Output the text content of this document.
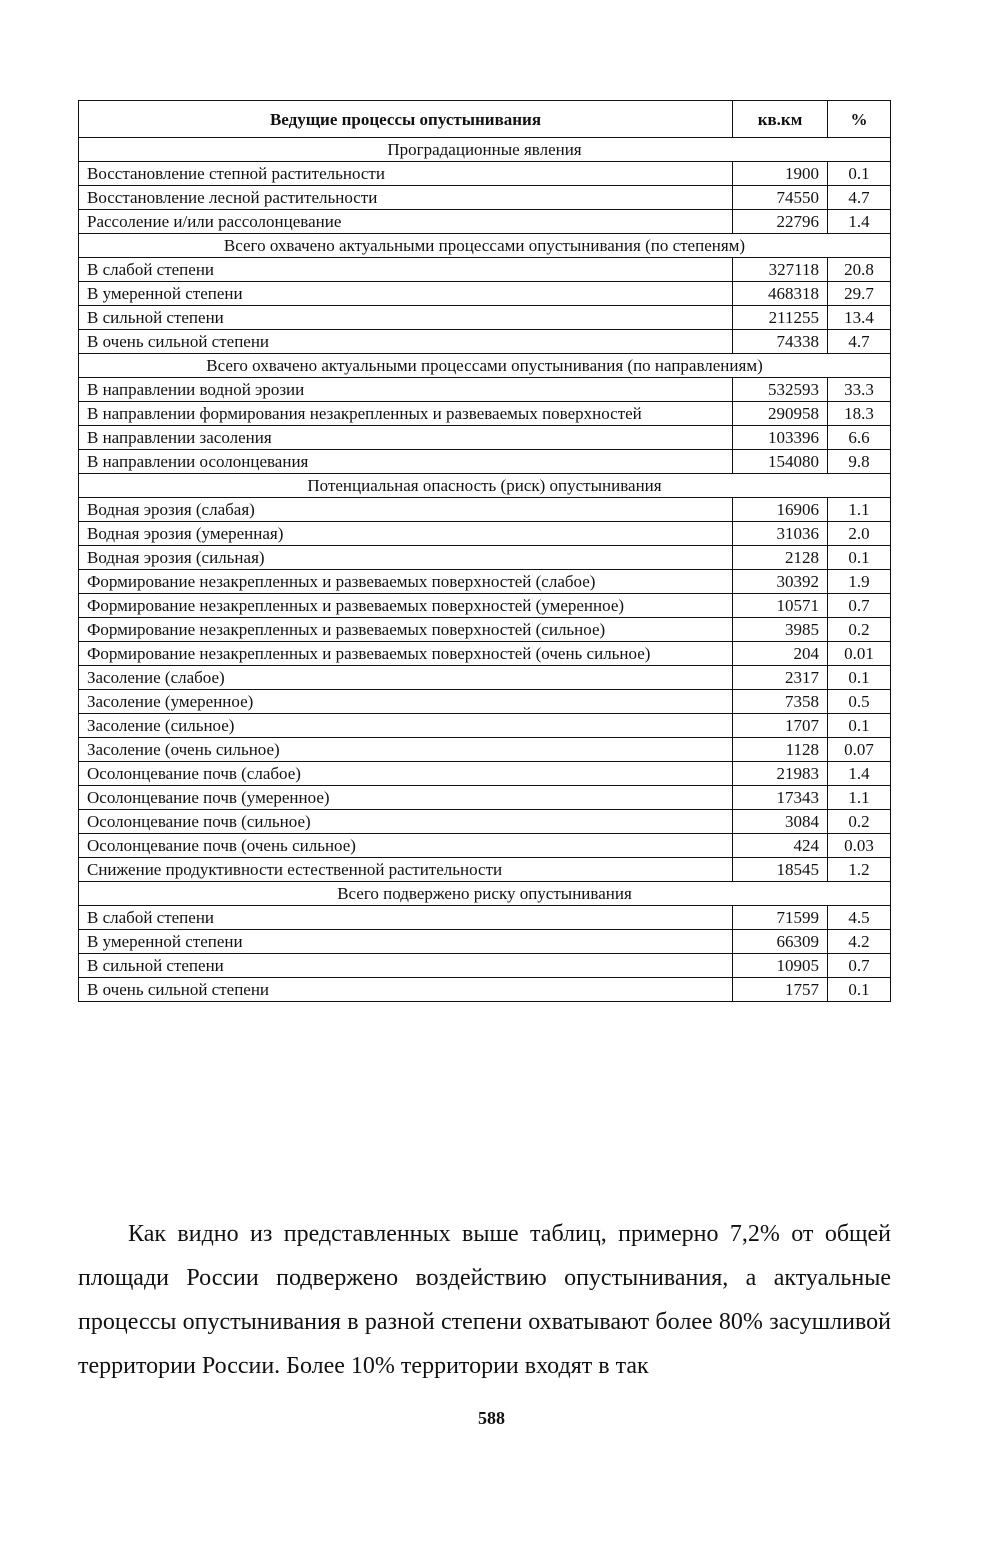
Ведущие процессы опустынивания	кв.км	%
Проградационные явления		
Восстановление степной растительности	1900	0.1
Восстановление лесной растительности	74550	4.7
Рассоление и/или рассолонцевание	22796	1.4
Всего охвачено актуальными процессами опустынивания (по степеням)		
В слабой степени	327118	20.8
В умеренной степени	468318	29.7
В сильной степени	211255	13.4
В очень сильной степени	74338	4.7
Всего охвачено актуальными процессами опустынивания (по направлениям)		
В направлении водной эрозии	532593	33.3
В направлении формирования незакрепленных и развеваемых поверхностей	290958	18.3
В направлении засоления	103396	6.6
В направлении осолонцевания	154080	9.8
Потенциальная опасность (риск) опустынивания		
Водная эрозия (слабая)	16906	1.1
Водная эрозия (умеренная)	31036	2.0
Водная эрозия (сильная)	2128	0.1
Формирование незакрепленных и развеваемых поверхностей (слабое)	30392	1.9
Формирование незакрепленных и развеваемых поверхностей (умеренное)	10571	0.7
Формирование незакрепленных и развеваемых поверхностей (сильное)	3985	0.2
Формирование незакрепленных и развеваемых поверхностей (очень сильное)	204	0.01
Засоление (слабое)	2317	0.1
Засоление (умеренное)	7358	0.5
Засоление (сильное)	1707	0.1
Засоление (очень сильное)	1128	0.07
Осолонцевание почв (слабое)	21983	1.4
Осолонцевание почв (умеренное)	17343	1.1
Осолонцевание почв (сильное)	3084	0.2
Осолонцевание почв (очень сильное)	424	0.03
Снижение продуктивности естественной растительности	18545	1.2
Всего подвержено риску опустынивания		
В слабой степени	71599	4.5
В умеренной степени	66309	4.2
В сильной степени	10905	0.7
В очень сильной степени	1757	0.1

Как видно из представленных выше таблиц, примерно 7,2% от общей площади России подвержено воздействию опустынивания, а актуальные процессы опустынивания в разной степени охватывают более 80% засушливой территории России. Более 10% территории входят в так

588
